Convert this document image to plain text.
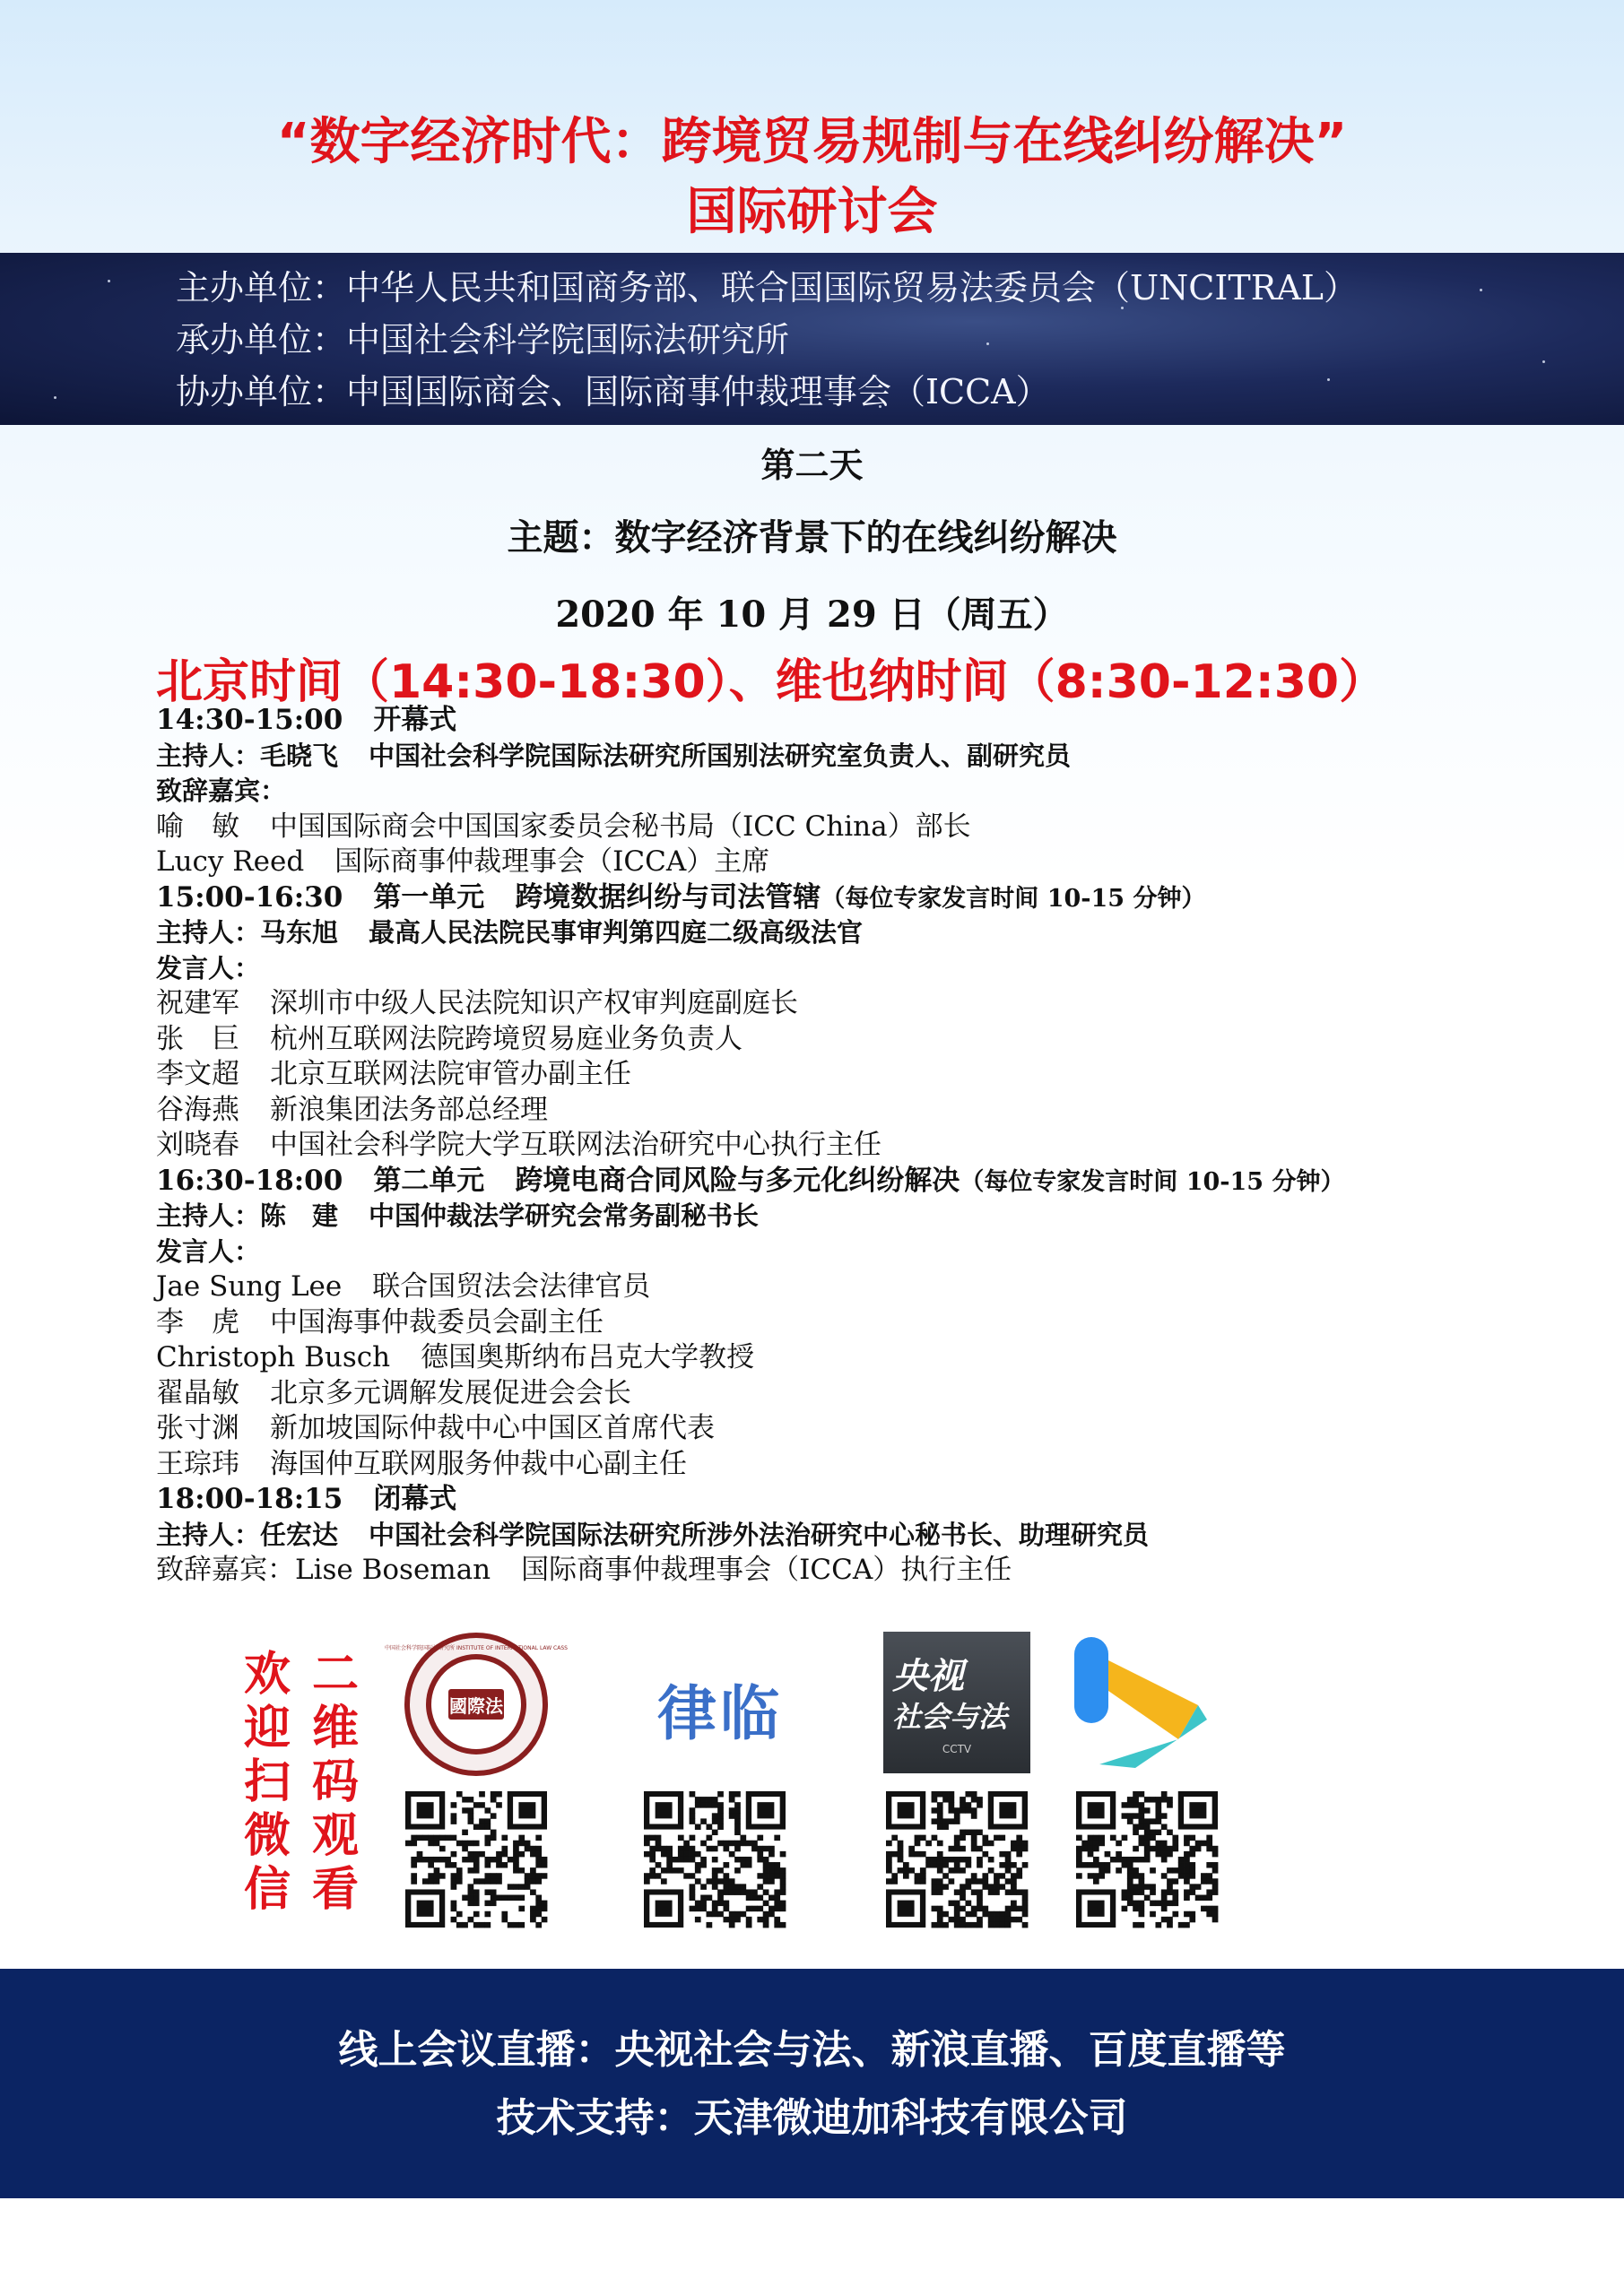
“数字经济时代：跨境贸易规制与在线纠纷解决”
国际研讨会
主办单位：中华人民共和国商务部、联合国国际贸易法委员会（UNCITRAL）
承办单位：中国社会科学院国际法研究所
协办单位：中国国际商会、国际商事仲裁理事会（ICCA）
第二天
主题：数字经济背景下的在线纠纷解决
2020 年 10 月 29 日（周五）
北京时间（14:30-18:30）、维也纳时间（8:30-12:30）
14:30-15:00 开幕式
主持人：毛晓飞 中国社会科学院国际法研究所国别法研究室负责人、副研究员
致辞嘉宾：
喻　敏 中国国际商会中国国家委员会秘书局（ICC China）部长
Lucy Reed 国际商事仲裁理事会（ICCA）主席
15:00-16:30 第一单元 跨境数据纠纷与司法管辖（每位专家发言时间 10-15 分钟）
主持人：马东旭 最高人民法院民事审判第四庭二级高级法官
发言人：
祝建军 深圳市中级人民法院知识产权审判庭副庭长
张　巨 杭州互联网法院跨境贸易庭业务负责人
李文超 北京互联网法院审管办副主任
谷海燕 新浪集团法务部总经理
刘晓春 中国社会科学院大学互联网法治研究中心执行主任
16:30-18:00 第二单元 跨境电商合同风险与多元化纠纷解决（每位专家发言时间 10-15 分钟）
主持人：陈　建 中国仲裁法学研究会常务副秘书长
发言人：
Jae Sung Lee 联合国贸法会法律官员
李　虎 中国海事仲裁委员会副主任
Christoph Busch 德国奥斯纳布吕克大学教授
翟晶敏 北京多元调解发展促进会会长
张寸渊 新加坡国际仲裁中心中国区首席代表
王琮玮 海国仲互联网服务仲裁中心副主任
18:00-18:15 闭幕式
主持人：任宏达 中国社会科学院国际法研究所涉外法治研究中心秘书长、助理研究员
致辞嘉宾：Lise Boseman 国际商事仲裁理事会（ICCA）执行主任
欢
迎
扫
微
信
二
维
码
观
看
國際法
中国社会科学院国际法研究所 INSTITUTE OF INTERNATIONAL LAW CASS
律临
央视
社会与法
CCTV
线上会议直播：央视社会与法、新浪直播、百度直播等
技术支持：天津微迪加科技有限公司
